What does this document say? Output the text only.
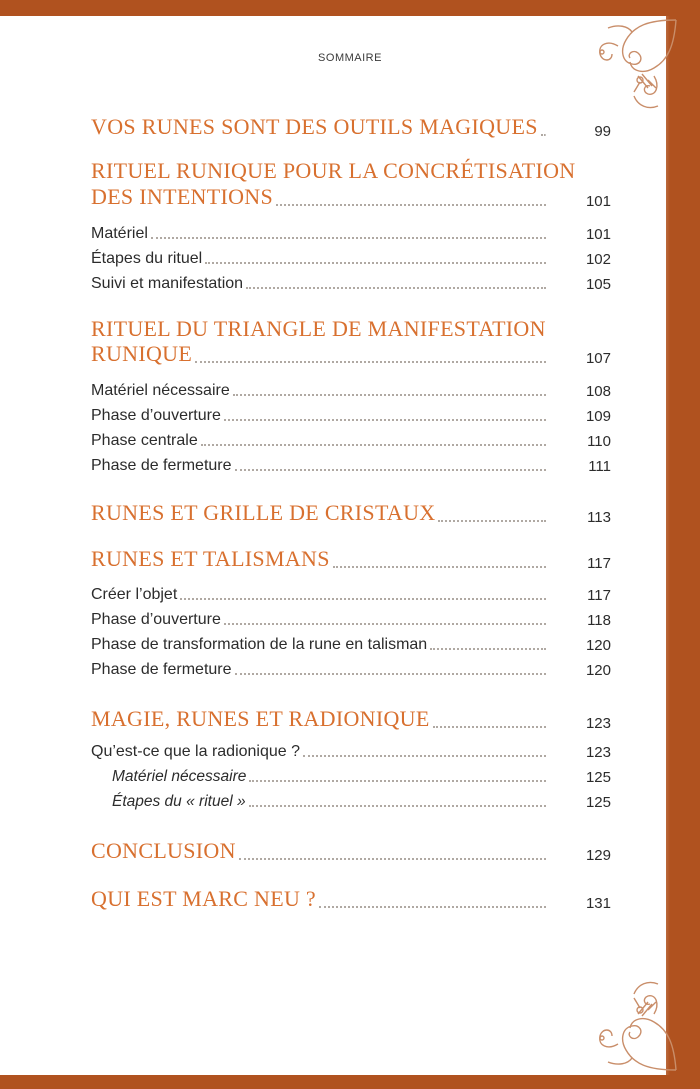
SOMMAIRE
VOS RUNES SONT DES OUTILS MAGIQUES	99
RITUEL RUNIQUE POUR LA CONCRÉTISATION
DES INTENTIONS	101
Matériel	101
Étapes du rituel	102
Suivi et manifestation	105
RITUEL DU TRIANGLE DE MANIFESTATION
RUNIQUE	107
Matériel nécessaire	108
Phase d’ouverture	109
Phase centrale	110
Phase de fermeture	111
RUNES ET GRILLE DE CRISTAUX	113
RUNES ET TALISMANS	117
Créer l’objet	117
Phase d’ouverture	118
Phase de transformation de la rune en talisman	120
Phase de fermeture	120
MAGIE, RUNES ET RADIONIQUE	123
Qu’est-ce que la radionique ?	123
Matériel nécessaire	125
Étapes du « rituel »	125
CONCLUSION	129
QUI EST MARC NEU ?	131
